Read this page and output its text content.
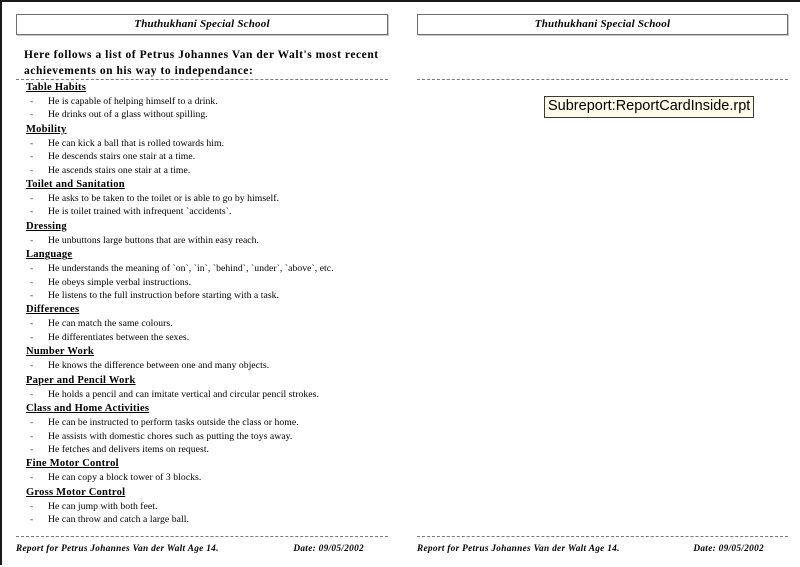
Thuthukhani Special School
Here follows a list of Petrus Johannes Van der Walt's most recent
achievements on his way to independance:
Table Habits
-	He is capable of helping himself to a drink.
-	He drinks out of a glass without spilling.
Mobility
-	He can kick a ball that is rolled towards him.
-	He descends stairs one stair at a time.
-	He ascends stairs one stair at a time.
Toilet and Sanitation
-	He asks to be taken to the toilet or is able to go by himself.
-	He is toilet trained with infrequent `accidents`.
Dressing
-	He unbuttons large buttons that are within easy reach.
Language
-	He understands the meaning of `on`, `in`, `behind`, `under`, `above`, etc.
-	He obeys simple verbal instructions.
-	He listens to the full instruction before starting with a task.
Differences
-	He can match the same colours.
-	He differentiates between the sexes.
Number Work
-	He knows the difference between one and many objects.
Paper and Pencil Work
-	He holds a pencil and can imitate vertical and circular pencil strokes.
Class and Home Activities
-	He can be instructed to perform tasks outside the class or home.
-	He assists with domestic chores such as putting the toys away.
-	He fetches and delivers items on request.
Fine Motor Control
-	He can copy a block tower of 3 blocks.
Gross Motor Control
-	He can jump with both feet.
-	He can throw and catch a large ball.
Report for Petrus Johannes Van der Walt Age 14.	Date: 09/05/2002
Thuthukhani Special School
Subreport:ReportCardInside.rpt
Report for Petrus Johannes Van der Walt Age 14.	Date: 09/05/2002
